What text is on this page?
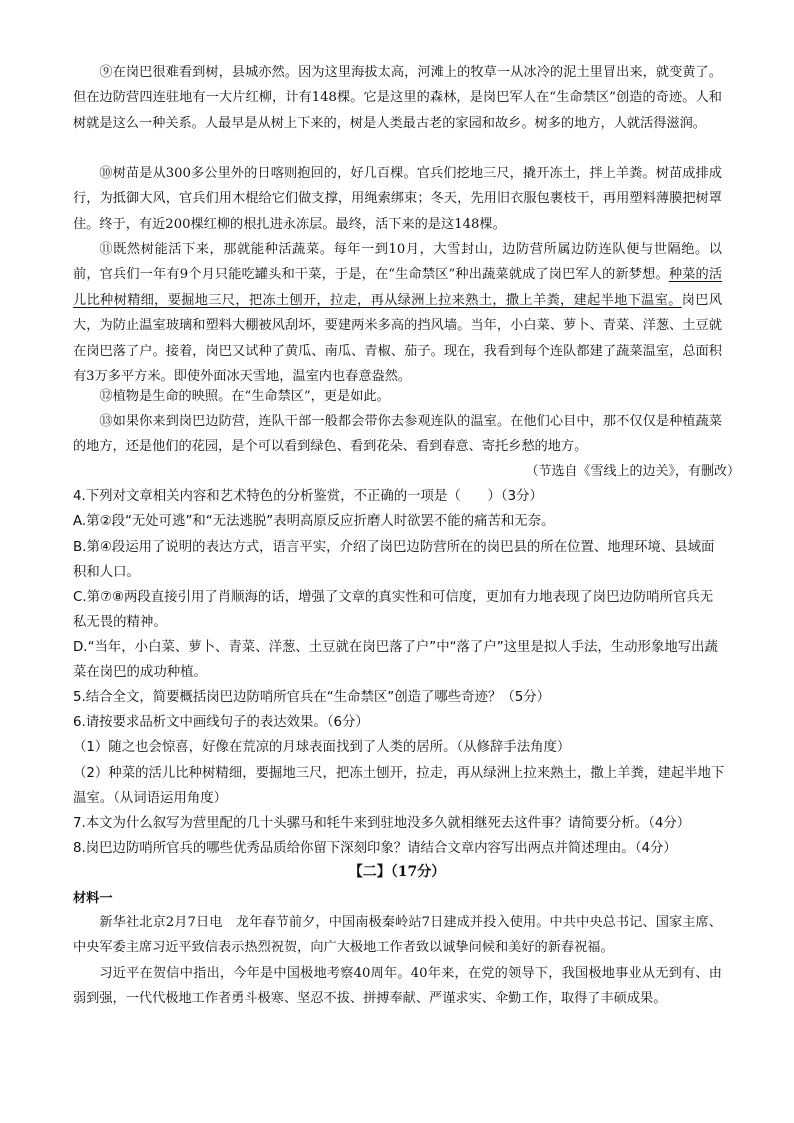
⑨在岗巴很难看到树，县城亦然。因为这里海拔太高，河滩上的牧草一从冰冷的泥土里冒出来，就变黄了。但在边防营四连驻地有一大片红柳，计有148棵。它是这里的森林，是岗巴军人在“生命禁区”创造的奇迹。人和树就是这么一种关系。人最早是从树上下来的，树是人类最古老的家园和故乡。树多的地方，人就活得滋润。

⑩树苗是从300多公里外的日喀则抱回的，好几百棵。官兵们挖地三尺，撬开冻土，拌上羊粪。树苗成排成行，为抵御大风，官兵们用木棍给它们做支撑，用绳索绑束；冬天，先用旧衣服包裹枝干，再用塑料薄膜把树罩住。终于，有近200棵红柳的根扎进永冻层。最终，活下来的是这148棵。

⑪既然树能活下来，那就能种活蔬菜。每年一到10月，大雪封山，边防营所属边防连队便与世隔绝。以前，官兵们一年有9个月只能吃罐头和干菜，于是，在“生命禁区”种出蔬菜就成了岗巴军人的新梦想。种菜的活儿比种树精细，要掘地三尺，把冻土刨开，拉走，再从绿洲上拉来熟土，撒上羊粪，建起半地下温室。岗巴风大，为防止温室玻璃和塑料大棚被风刮坏，要建两米多高的挡风墙。当年，小白菜、萝卜、青菜、洋葱、土豆就在岗巴落了户。接着，岗巴又试种了黄瓜、南瓜、青椒、茄子。现在，我看到每个连队都建了蔬菜温室，总面积有3万多平方米。即使外面冰天雪地，温室内也春意盎然。

⑫植物是生命的映照。在“生命禁区”，更是如此。

⑬如果你来到岗巴边防营，连队干部一般都会带你去参观连队的温室。在他们心目中，那不仅仅是种植蔬菜的地方，还是他们的花园，是个可以看到绿色、看到花朵、看到春意、寄托乡愁的地方。

（节选自《雪线上的边关》，有删改）

4.下列对文章相关内容和艺术特色的分析鉴赏，不正确的一项是（　　）（3分）

A.第②段“无处可逃”和“无法逃脱”表明高原反应折磨人时欲罢不能的痛苦和无奈。

B.第④段运用了说明的表达方式，语言平实，介绍了岗巴边防营所在的岗巴县的所在位置、地理环境、县域面积和人口。

C.第⑦⑧两段直接引用了肖顺海的话，增强了文章的真实性和可信度，更加有力地表现了岗巴边防哨所官兵无私无畏的精神。

D.“当年，小白菜、萝卜、青菜、洋葱、土豆就在岗巴落了户”中“落了户”这里是拟人手法，生动形象地写出蔬菜在岗巴的成功种植。

5.结合全文，简要概括岗巴边防哨所官兵在“生命禁区”创造了哪些奇迹？（5分）

6.请按要求品析文中画线句子的表达效果。（6分）

（1）随之也会惊喜，好像在荒凉的月球表面找到了人类的居所。（从修辞手法角度）

（2）种菜的活儿比种树精细，要掘地三尺，把冻土刨开，拉走，再从绿洲上拉来熟土，撒上羊粪，建起半地下温室。（从词语运用角度）

7.本文为什么叙写为营里配的几十头骡马和牦牛来到驻地没多久就相继死去这件事？请简要分析。（4分）

8.岗巴边防哨所官兵的哪些优秀品质给你留下深刻印象？请结合文章内容写出两点并简述理由。（4分）

【二】（17分）

材料一

新华社北京2月7日电　龙年春节前夕，中国南极秦岭站7日建成并投入使用。中共中央总书记、国家主席、中央军委主席习近平致信表示热烈祝贺，向广大极地工作者致以诚挚问候和美好的新春祝福。

习近平在贺信中指出，今年是中国极地考察40周年。40年来，在党的领导下，我国极地事业从无到有、由弱到强，一代代极地工作者勇斗极寒、坚忍不拔、拼搏奉献、严谨求实、伞勤工作，取得了丰硕成果。
